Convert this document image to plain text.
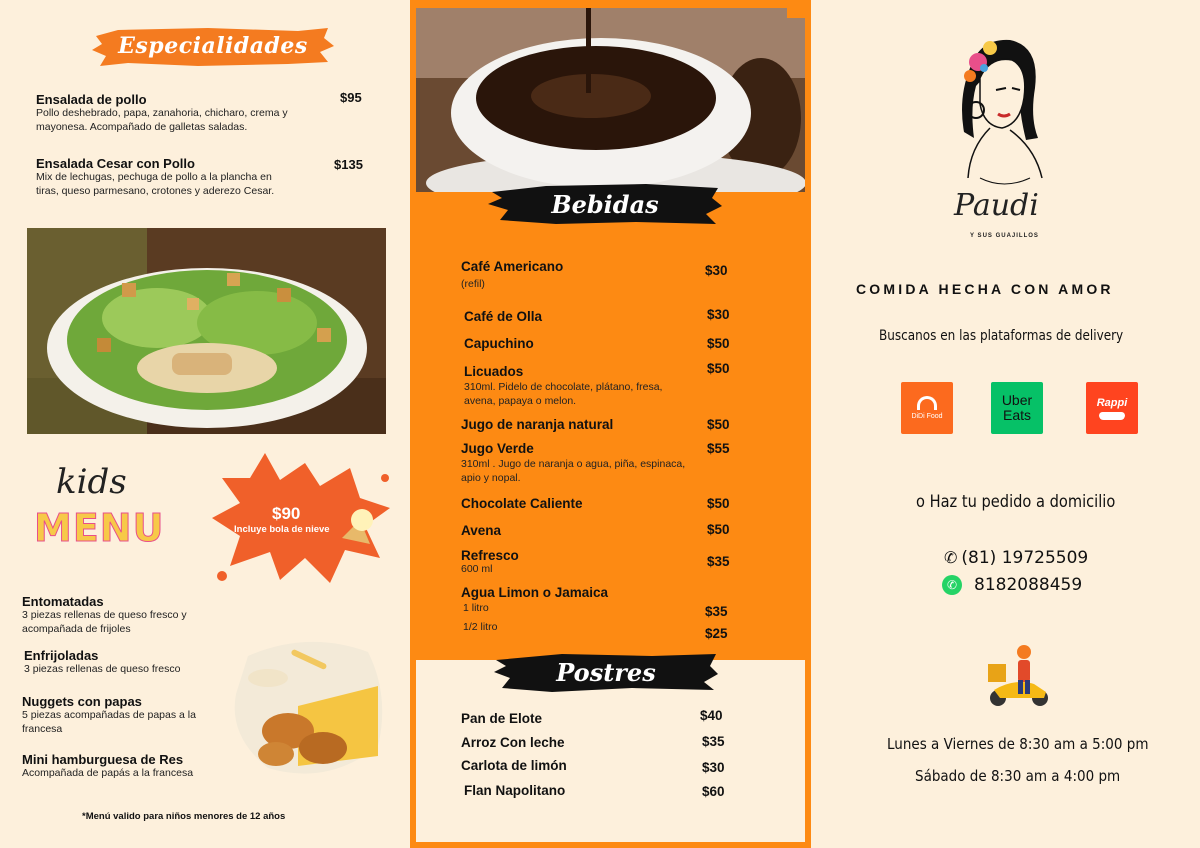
Especialidades
Ensalada de pollo
Pollo deshebrado, papa, zanahoria, chicharo, crema y mayonesa. Acompañado de galletas saladas.
$95
Ensalada Cesar con Pollo
Mix de lechugas, pechuga de pollo a la plancha en tiras, queso parmesano, crotones y aderezo Cesar.
$135
kids
MENU	$90
Incluye bola de nieve
Entomatadas
3 piezas rellenas de queso fresco y acompañada de frijoles
Enfrijoladas
3 piezas rellenas de queso fresco
Nuggets con papas
5 piezas acompañadas de papas a la francesa
Mini hamburguesa de Res
Acompañada de papás a la francesa
*Menú valido para niños menores de 12 años
Bebidas
Café Americano
(refil)
$30
Café de Olla	$30
Capuchino	$50
Licuados
310ml. Pidelo de chocolate, plátano, fresa, avena, papaya o melon.
$50
Jugo de naranja natural	$50
Jugo Verde
310ml . Jugo de naranja o agua, piña, espinaca, apio y nopal.
$55
Chocolate Caliente	$50
Avena	$50
Refresco
600 ml	$35
Agua Limon o Jamaica
1 litro
1/2 litro
$35
$25
Postres
Pan de Elote	$40
Arroz Con leche	$35
Carlota de limón	$30
Flan Napolitano	$60
Paudi
Y SUS GUAJILLOS
COMIDA HECHA CON AMOR
Buscanos en las plataformas de delivery
DiDi Food
Uber Eats
Rappi
o Haz tu pedido a domicilio
✆ (81) 19725509
✆ 8182088459
Lunes a Viernes de 8:30 am a 5:00 pm
Sábado de 8:30 am a 4:00 pm
